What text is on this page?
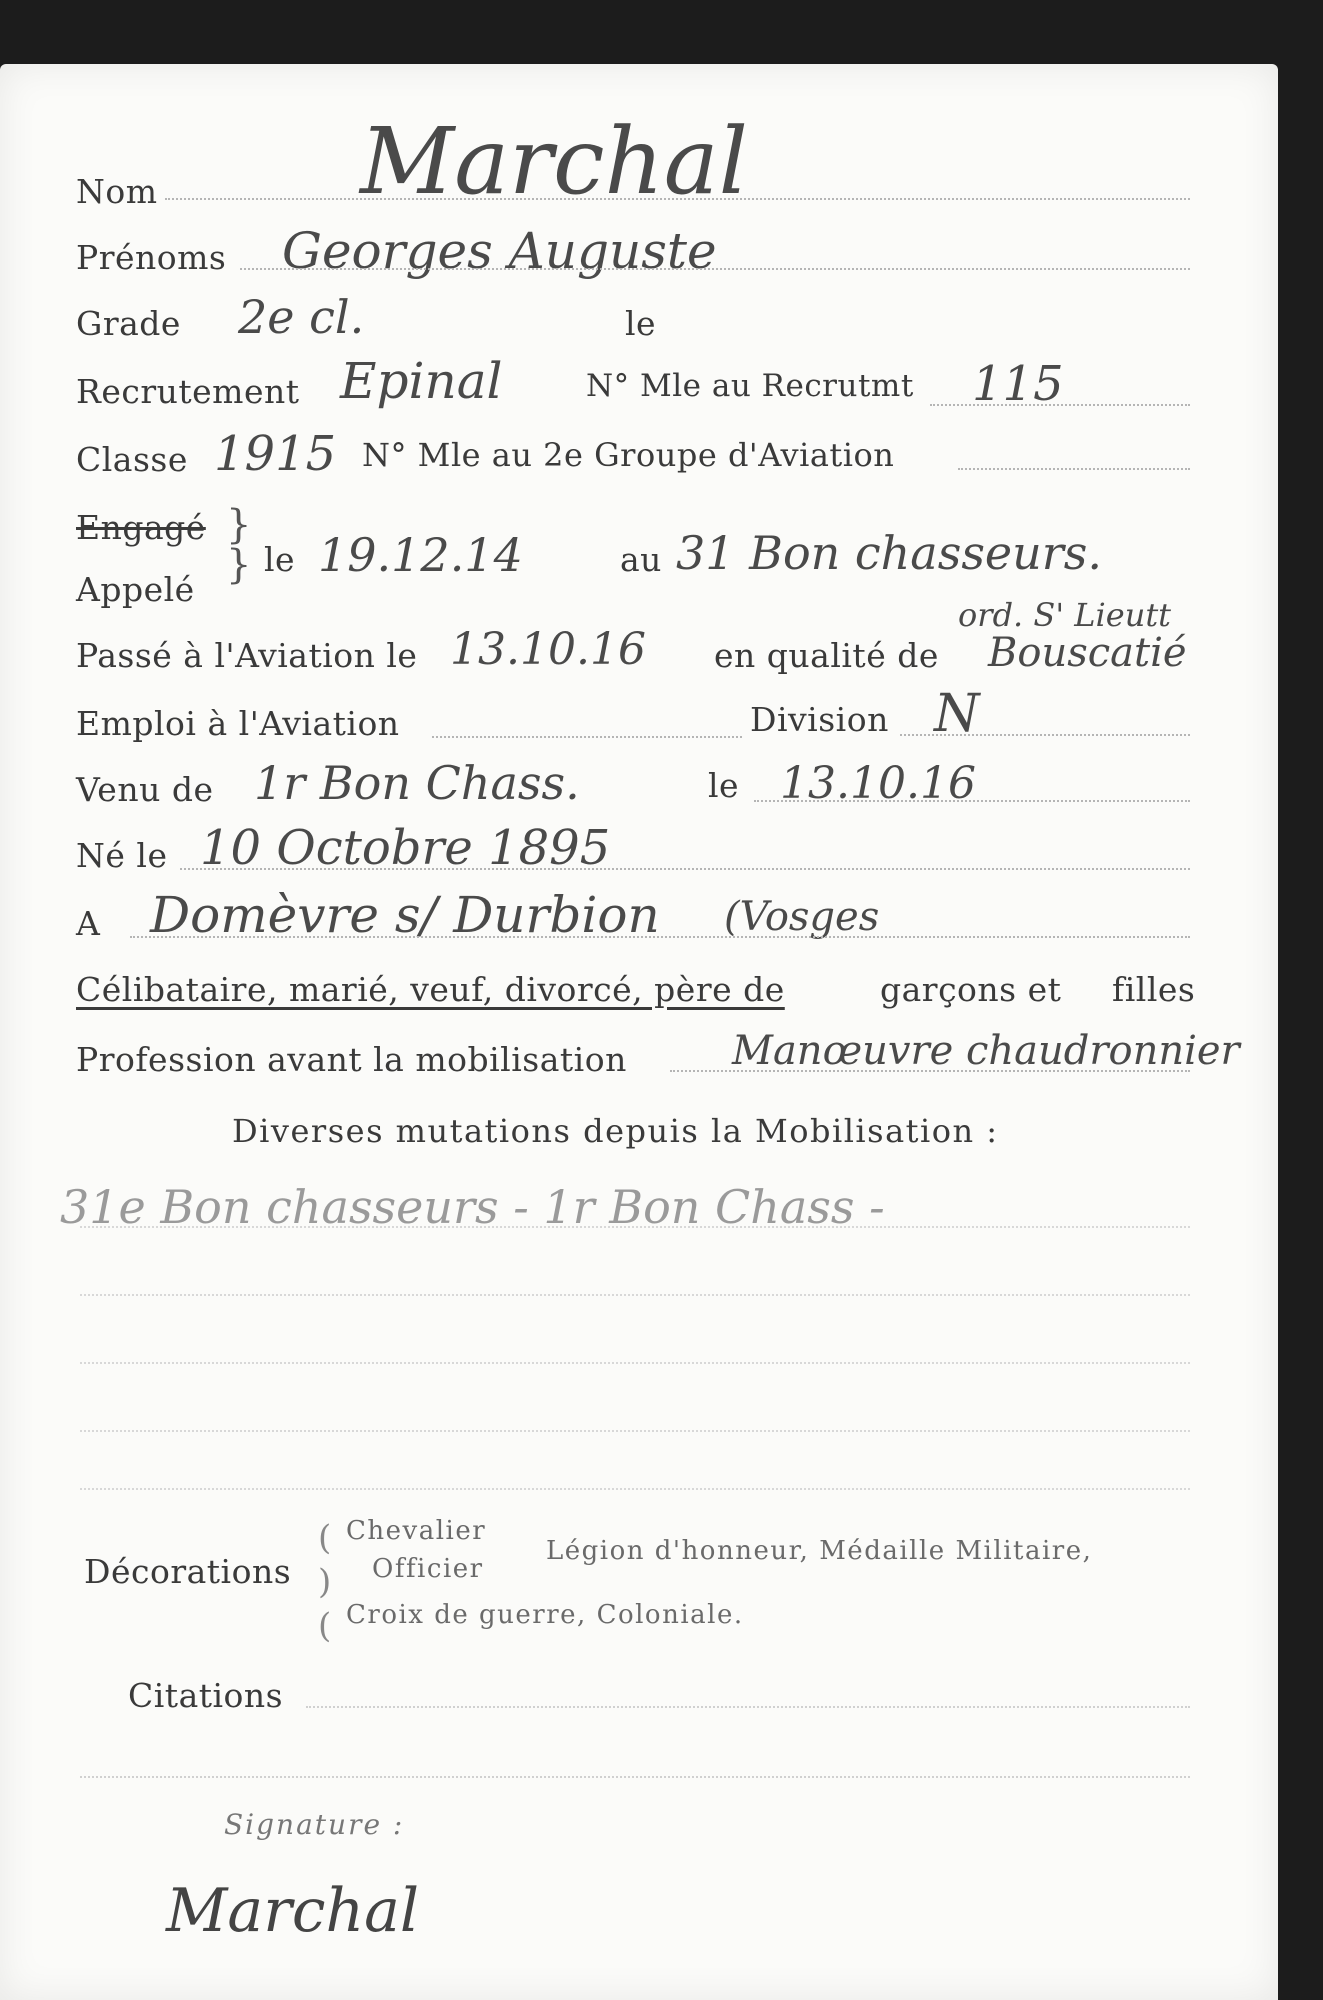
Nom Marchal
Prénoms Georges Auguste
Grade 2e cl.	le
Recrutement Epinal	N° Mle au Recrutmt 115
Classe 1915 N° Mle au 2e Groupe d'Aviation
Engagé
Appelé
}
} le 19.12.14	au 31 Bon chasseurs.
Passé à l'Aviation le 13.10.16 en qualité de
ord. S' Lieutt
Bouscatié
Emploi à l'Aviation	Division N
Venu de 1r Bon Chass.	le 13.10.16
Né le 10 Octobre 1895
A Domèvre s/ Durbion (Vosges
Célibataire, marié, veuf, divorcé, père de	garçons et filles
Profession avant la mobilisation	Manœuvre chaudronnier
Diverses mutations depuis la Mobilisation :
31e Bon chasseurs - 1r Bon Chass -
Décorations
(
)
(
Chevalier
Officier
Légion d'honneur, Médaille Militaire,
Croix de guerre, Coloniale.
Citations
Signature :
Marchal
